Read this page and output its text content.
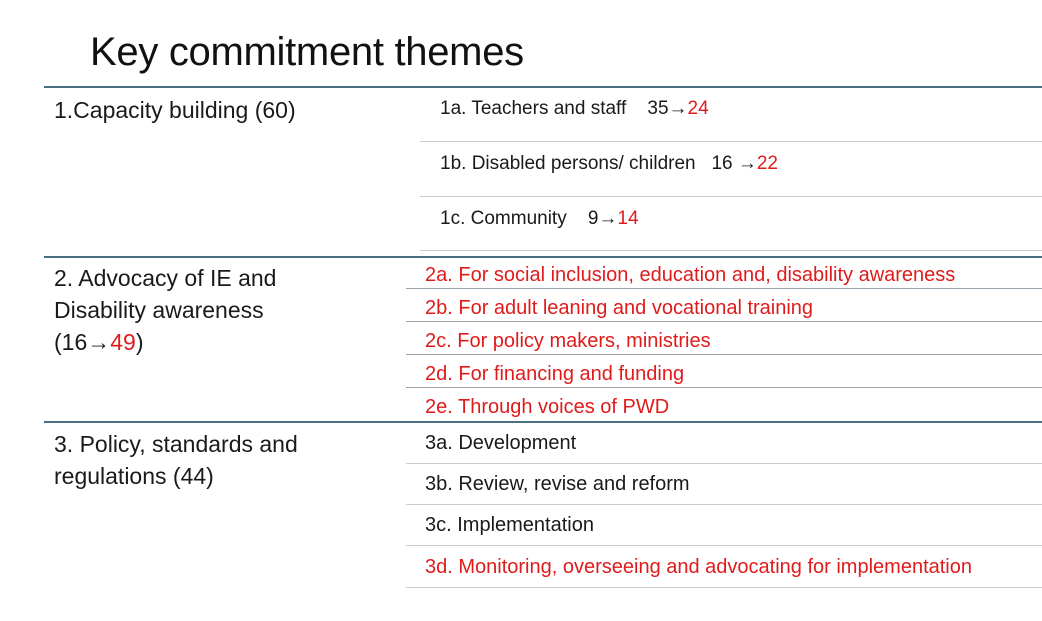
Key commitment themes
1.Capacity building (60)	1a. Teachers and staff 35→24
1b. Disabled persons/ children 16 →22
1c. Community 9→14
2. Advocacy of IE and
Disability awareness
(16→49)
2a. For social inclusion, education and, disability awareness
2b. For adult leaning and vocational training
2c. For policy makers, ministries
2d. For financing and funding
2e. Through voices of PWD
3. Policy, standards and
regulations (44)
3a. Development
3b. Review, revise and reform
3c. Implementation
3d. Monitoring, overseeing and advocating for implementation
